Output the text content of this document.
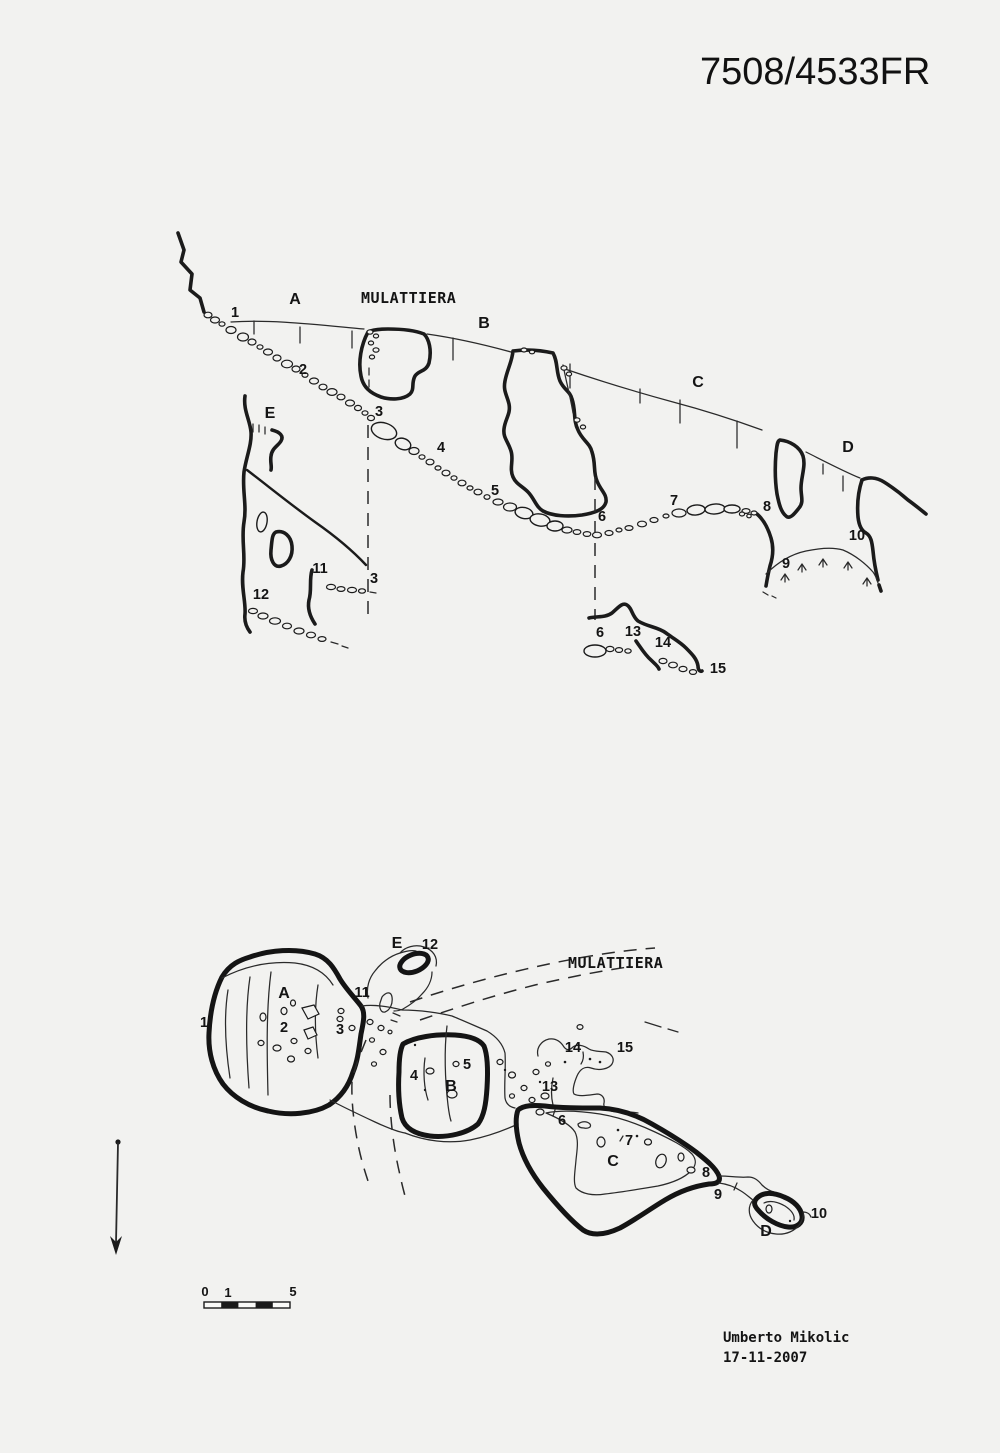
7508/4533FR
MULATTIERA
A
B
C
D
E
1
2
3
4
5
6
7	8
9
10
11
3
12
6 13
14
15
MULATTIERA
E
A
B
C
D
12
11
1	2	3
4
5
14 15
13
6
7
8
9
10
0 1	5
Umberto Mikolic
17-11-2007
